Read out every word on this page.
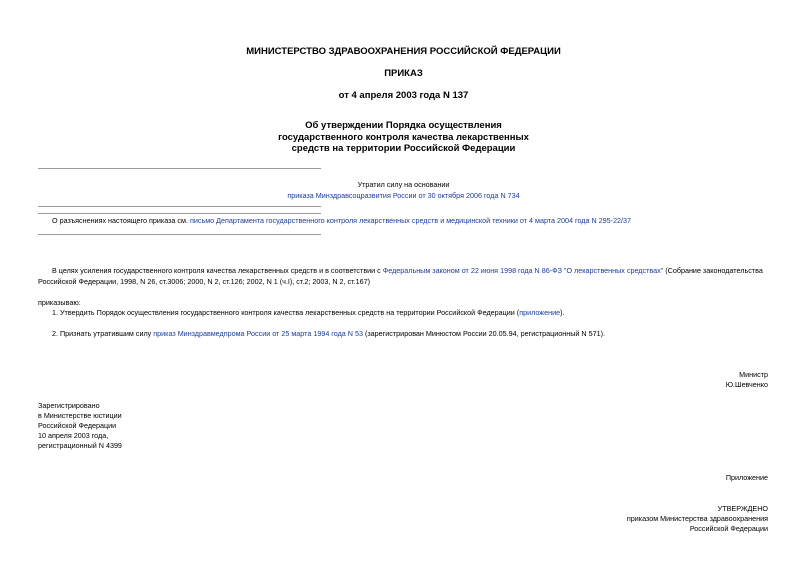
МИНИСТЕРСТВО ЗДРАВООХРАНЕНИЯ РОССИЙСКОЙ ФЕДЕРАЦИИ
ПРИКАЗ
от 4 апреля 2003 года N 137
Об утверждении Порядка осуществления
государственного контроля качества лекарственных
средств на территории Российской Федерации
Утратил силу на основании
приказа Минздравсоцразвития России от 30 октября 2006 года N 734
О разъяснениях настоящего приказа см. письмо Департамента государственного контроля лекарственных средств и медицинской техники от 4 марта 2004 года N 295-22/37
В целях усиления государственного контроля качества лекарственных средств и в соответствии с Федеральным законом от 22 июня 1998 года N 86-ФЗ "О лекарственных средствах" (Собрание законодательства
Российской Федерации, 1998, N 26, ст.3006; 2000, N 2, ст.126; 2002, N 1 (ч.I), ст.2; 2003, N 2, ст.167)
приказываю:
1. Утвердить Порядок осуществления государственного контроля качества лекарственных средств на территории Российской Федерации (приложение).
2. Признать утратившим силу приказ Минздравмедпрома России от 25 марта 1994 года N 53 (зарегистрирован Минюстом России 20.05.94, регистрационный N 571).
Министр
Ю.Шевченко
Зарегистрировано
в Министерстве юстиции
Российской Федерации
10 апреля 2003 года,
регистрационный N 4399
Приложение
УТВЕРЖДЕНО
приказом Министерства здравоохранения
Российской Федерации
